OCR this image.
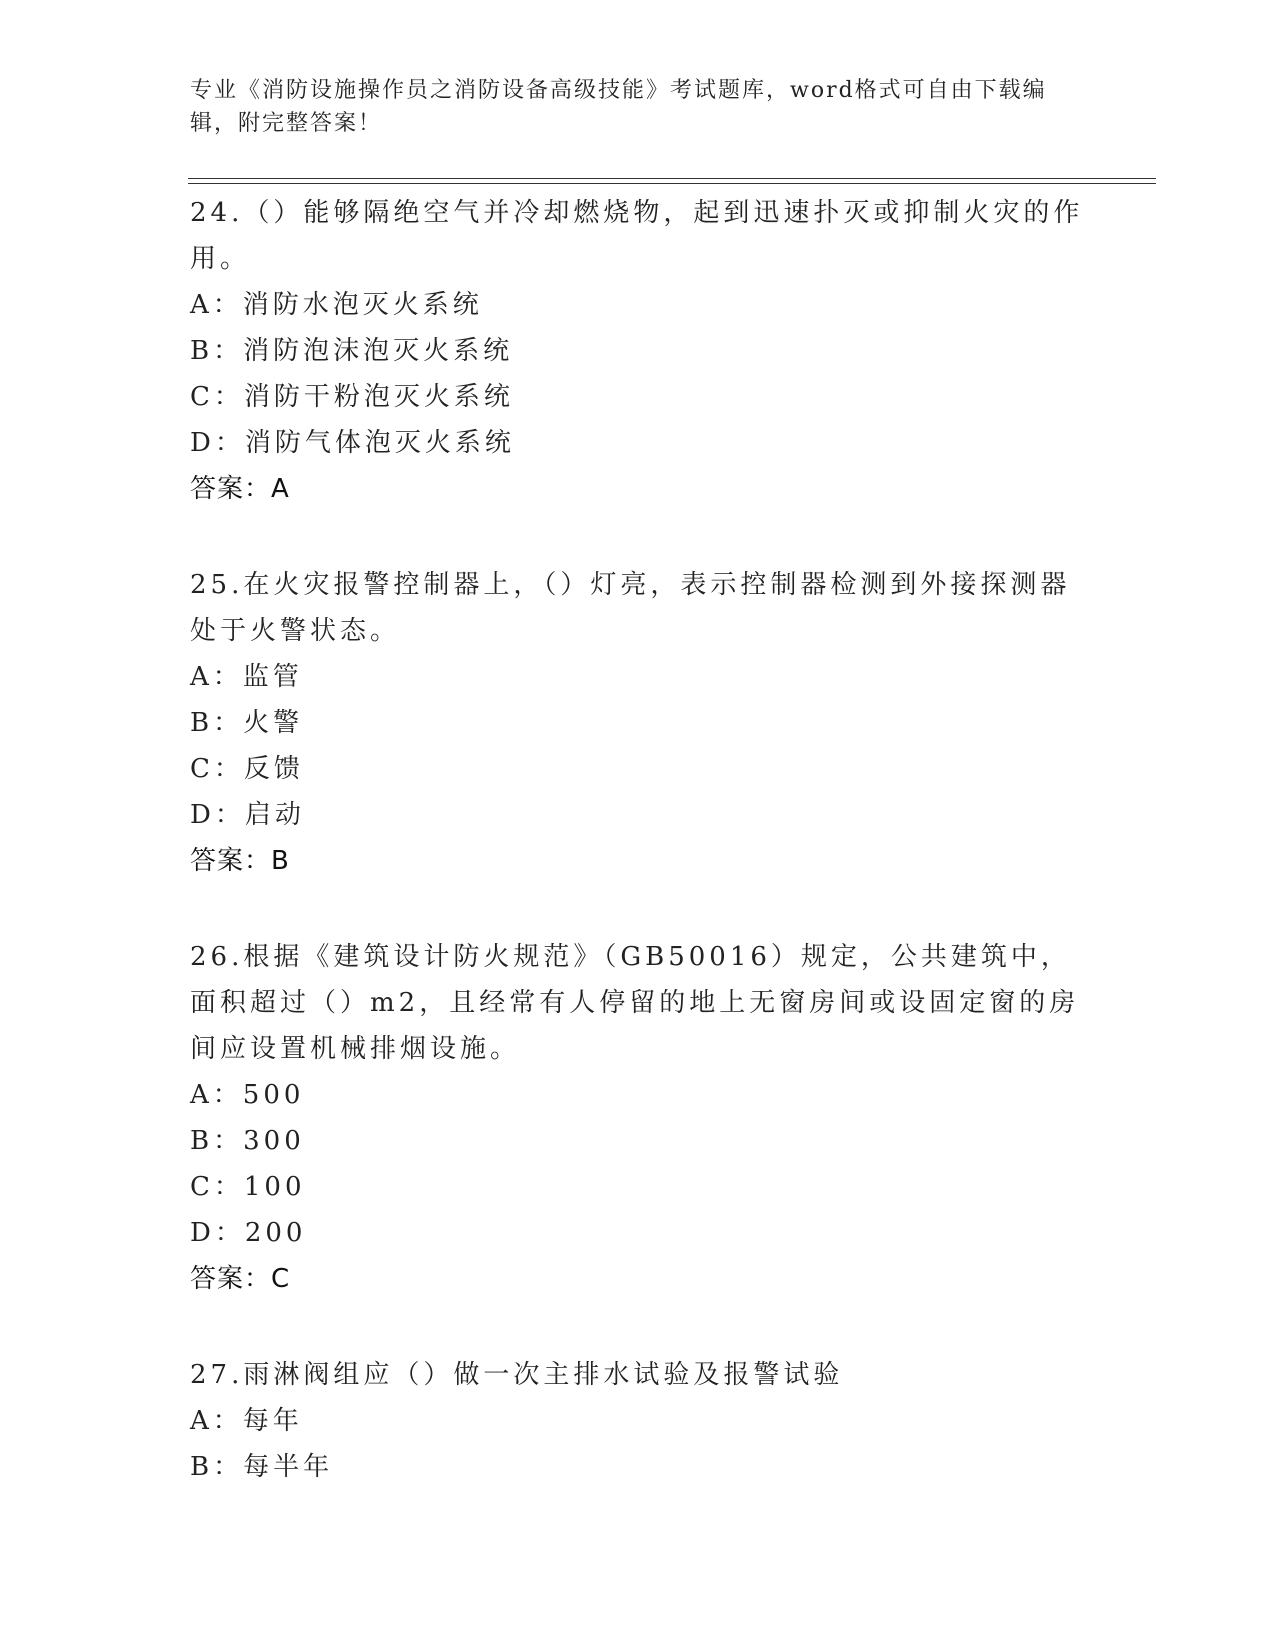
专业《消防设施操作员之消防设备高级技能》考试题库，word格式可自由下载编辑，附完整答案！

24.（）能够隔绝空气并冷却燃烧物，起到迅速扑灭或抑制火灾的作用。

A：消防水泡灭火系统

B：消防泡沫泡灭火系统

C：消防干粉泡灭火系统

D：消防气体泡灭火系统

答案：A

25.在火灾报警控制器上，（）灯亮，表示控制器检测到外接探测器处于火警状态。

A：监管

B：火警

C：反馈

D：启动

答案：B

26.根据《建筑设计防火规范》（GB50016）规定，公共建筑中，面积超过（）m2，且经常有人停留的地上无窗房间或设固定窗的房间应设置机械排烟设施。

A：500

B：300

C：100

D：200

答案：C

27.雨淋阀组应（）做一次主排水试验及报警试验

A：每年

B：每半年
